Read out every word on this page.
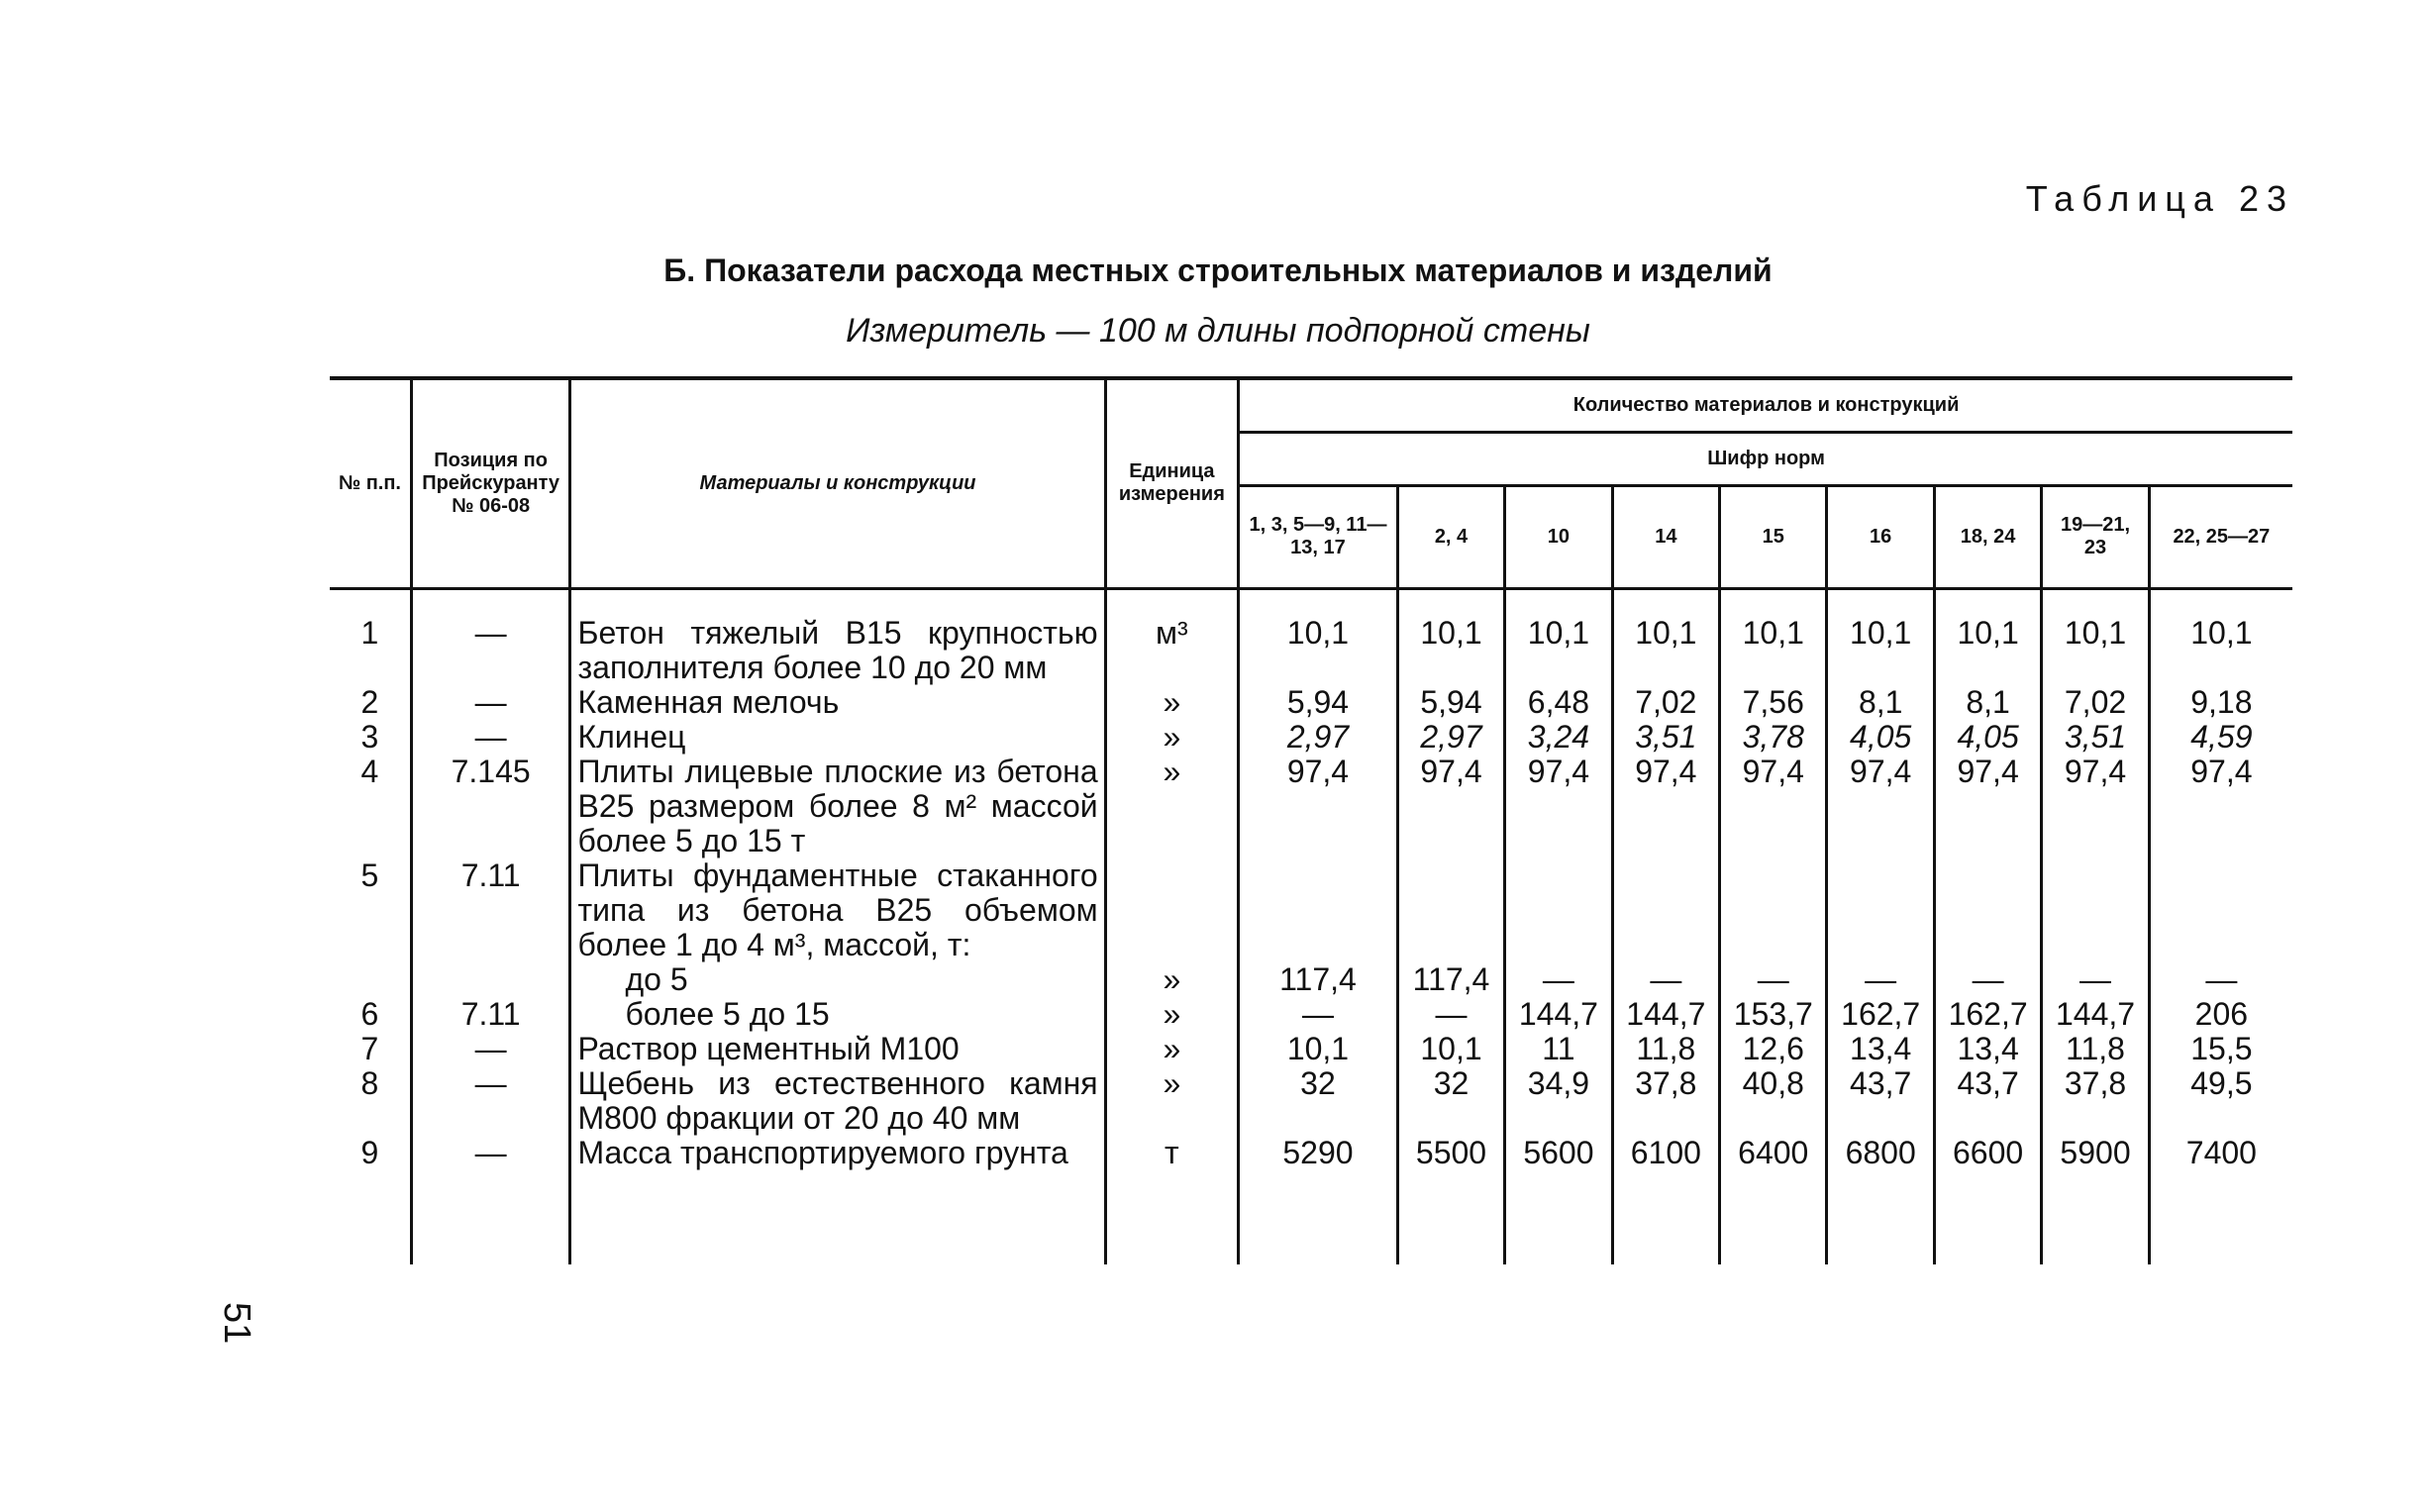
51
Таблица 23
Б. Показатели расхода местных строительных материалов и изделий
Измеритель — 100 м длины подпорной стены
№ п.п.	Позиция по Прейскуранту № 06-08	Материалы и конструкции	Единица измерения	Количество материалов и конструкций								
				Шифр норм								
				1, 3, 5—9, 11—13, 17	2, 4	10	14	15	16	18, 24	19—21, 23	22, 25—27
1	—	Бетон тяжелый В15 крупностью заполнителя более 10 до 20 мм	м³	10,1	10,1	10,1	10,1	10,1	10,1	10,1	10,1	10,1
2	—	Каменная мелочь	»	5,94	5,94	6,48	7,02	7,56	8,1	8,1	7,02	9,18
3	—	Клинец	»	2,97	2,97	3,24	3,51	3,78	4,05	4,05	3,51	4,59
4	7.145	Плиты лицевые плоские из бетона В25 размером более 8 м² массой более 5 до 15 т	»	97,4	97,4	97,4	97,4	97,4	97,4	97,4	97,4	97,4
5	7.11	Плиты фундаментные стаканного типа из бетона В25 объемом более 1 до 4 м³, массой, т:										
		до 5	»	117,4	117,4	—	—	—	—	—	—	—
6	7.11	более 5 до 15	»	—	—	144,7	144,7	153,7	162,7	162,7	144,7	206
7	—	Раствор цементный М100	»	10,1	10,1	11	11,8	12,6	13,4	13,4	11,8	15,5
8	—	Щебень из естественного камня М800 фракции от 20 до 40 мм	»	32	32	34,9	37,8	40,8	43,7	43,7	37,8	49,5
9	—	Масса транспортируемого грунта	т	5290	5500	5600	6100	6400	6800	6600	5900	7400
